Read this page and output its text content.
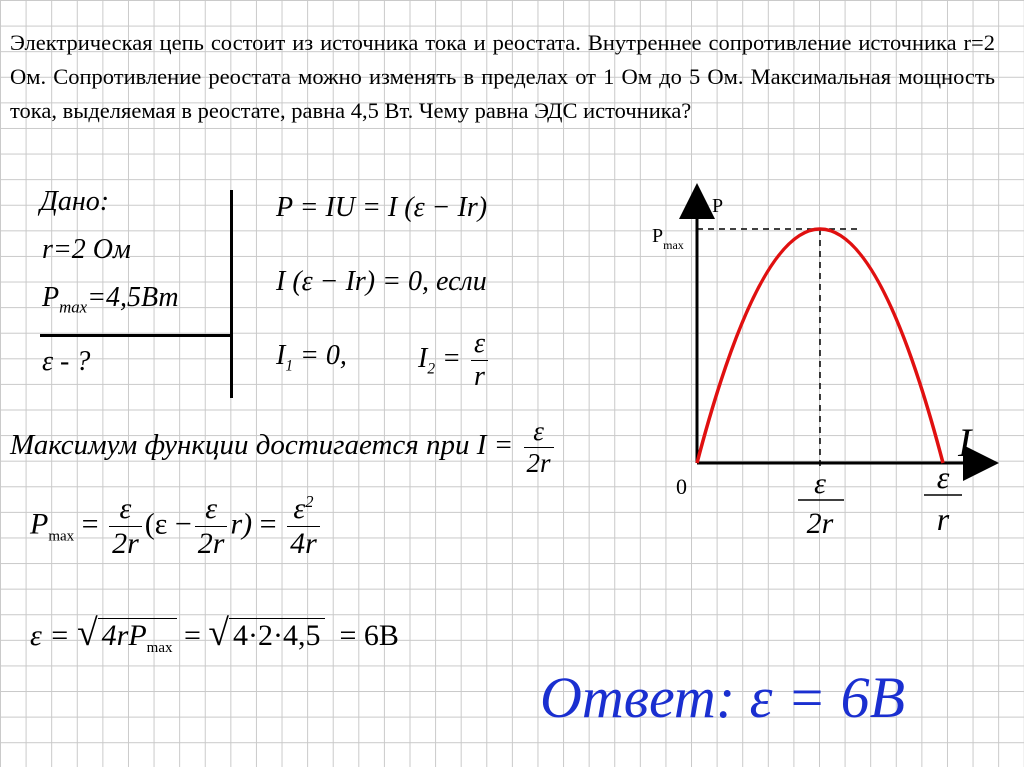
Электрическая цепь состоит из источника тока и реостата. Внутреннее сопротивление источника r=2 Ом. Сопротивление реостата можно изменять в пределах от 1 Ом до 5 Ом. Максимальная мощность тока, выделяемая в реостате, равна 4,5 Вт. Чему равна ЭДС источника?
Дано:
r=2 Ом
$P_{max}=4,5Вт$
ε - ?
P = IU = I (ε − Ir)
I (ε − Ir) = 0, если
$I_1 = 0$,	$I_2 = \frac{\varepsilon}{r}$
Максимум функции достигается при $I = \frac{\varepsilon}{2r}$
$P_{max} = \frac{\varepsilon}{2r} (\varepsilon - \frac{\varepsilon}{2r} r) = \frac{\varepsilon^2}{4r}$
ε = √ $4rP_{max}$ = √ 4·2·4,5 = 6B
Ответ: ε = 6B
P
$P_{max}$
I
0	ε
2r
ε
r
